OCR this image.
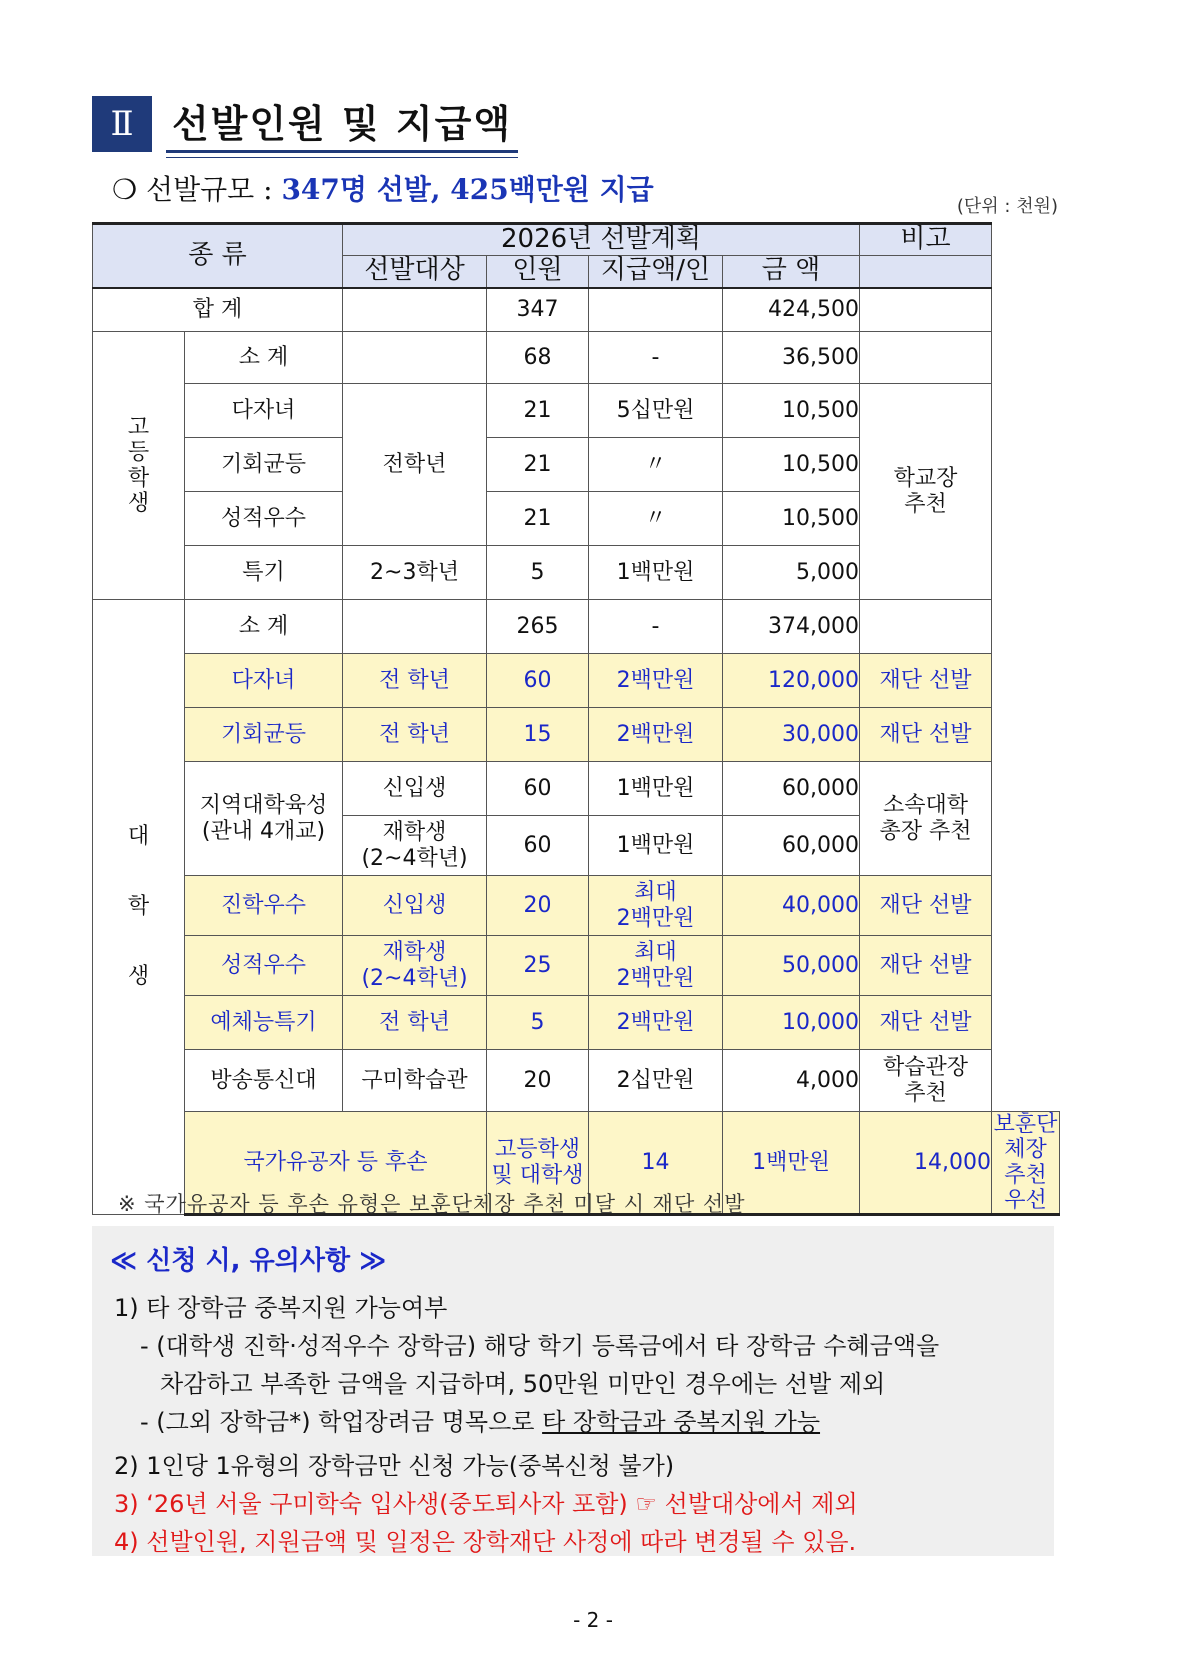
Ⅱ	선발인원 및 지급액
❍ 선발규모 : 347명 선발, 425백만원 지급
(단위 : 천원)
종 류		2026년 선발계획				비고	
		선발대상	인원	지급액/인	금 액		
합 계			347		424,500		
고
등
학
생	소 계		68	-	36,500		
	다자녀	전학년	21	5십만원	10,500	학교장
추천	
	기회균등		21	〃	10,500		
	성적우수		21	〃	10,500		
	특기	2~3학년	5	1백만원	5,000		
대
학
생	소 계		265	-	374,000		
	다자녀	전 학년	60	2백만원	120,000	재단 선발	
	기회균등	전 학년	15	2백만원	30,000	재단 선발	
	지역대학육성
(관내 4개교)	신입생	60	1백만원	60,000	소속대학
총장 추천	
		재학생
(2~4학년)	60	1백만원	60,000		
	진학우수	신입생	20	최대
2백만원	40,000	재단 선발	
	성적우수	재학생
(2~4학년)	25	최대
2백만원	50,000	재단 선발	
	예체능특기	전 학년	5	2백만원	10,000	재단 선발	
	방송통신대	구미학습관	20	2십만원	4,000	학습관장
추천	
	국가유공자 등 후손		고등학생
및 대학생	14	1백만원	14,000	보훈단체장
추천 우선
※ 국가유공자 등 후손 유형은 보훈단체장 추천 미달 시 재단 선발
≪ 신청 시, 유의사항 ≫
1) 타 장학금 중복지원 가능여부
- (대학생 진학·성적우수 장학금) 해당 학기 등록금에서 타 장학금 수혜금액을
차감하고 부족한 금액을 지급하며, 50만원 미만인 경우에는 선발 제외
- (그외 장학금*) 학업장려금 명목으로 타 장학금과 중복지원 가능
2) 1인당 1유형의 장학금만 신청 가능(중복신청 불가)
3) ‘26년 서울 구미학숙 입사생(중도퇴사자 포함) ☞ 선발대상에서 제외
4) 선발인원, 지원금액 및 일정은 장학재단 사정에 따라 변경될 수 있음.
- 2 -
